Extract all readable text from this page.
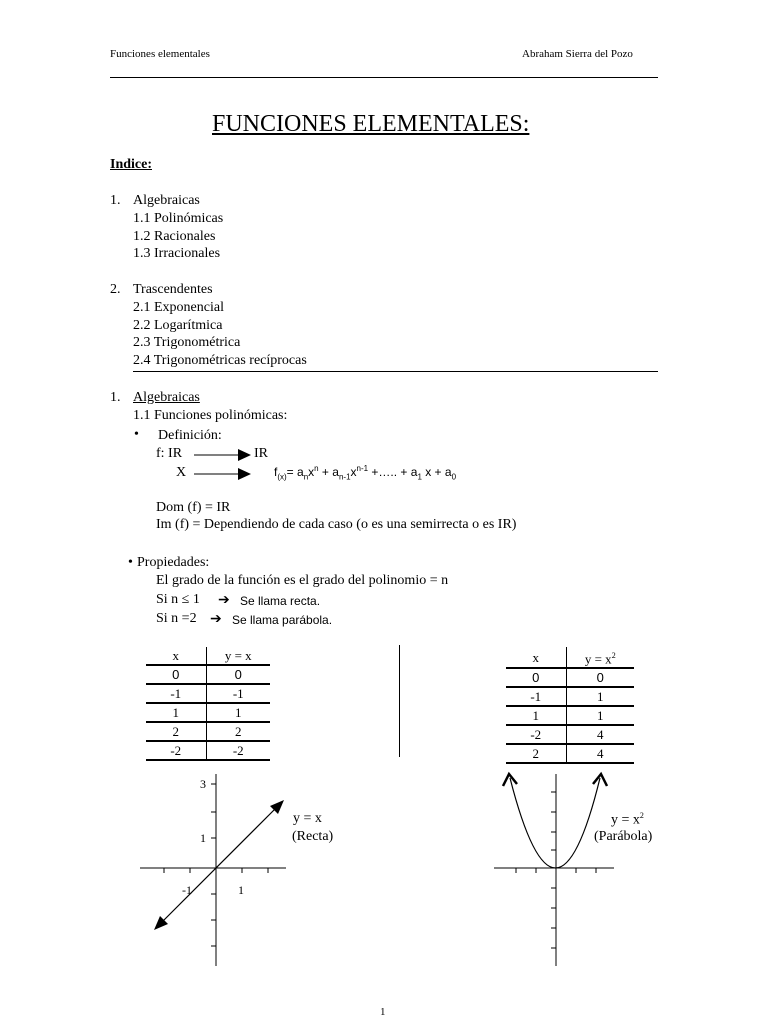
Funciones elementales	Abraham Sierra del Pozo
FUNCIONES ELEMENTALES:
Indice:
1. Algebraicas
1.1 Polinómicas
1.2 Racionales
1.3 Irracionales
2. Trascendentes
2.1 Exponencial
2.2 Logarítmica
2.3 Trigonométrica
2.4 Trigonométricas recíprocas
1. Algebraicas
1.1 Funciones polinómicas:
• Definición:
f: IR	IR
X	$f_{(x)}= a_nx^n + a_{n-1}x^{n-1}$ +….. + $a_1$ $x + a_0$
Dom (f) = IR
Im (f) = Dependiendo de cada caso (o es una semirrecta o es IR)
• Propiedades:
El grado de la función es el grado del polinomio = n
Si n ≤ 1 ➔ Se llama recta.
Si n =2 ➔ Se llama parábola.
x	y = x
0	0
-1	-1
1	1
2	2
-2	-2
x	$y = x^2$
0	0
-1	1
1	1
-2	4
2	4
3
1
-1	1
y = x
(Recta)
$y = x^2$
(Parábola)
1
